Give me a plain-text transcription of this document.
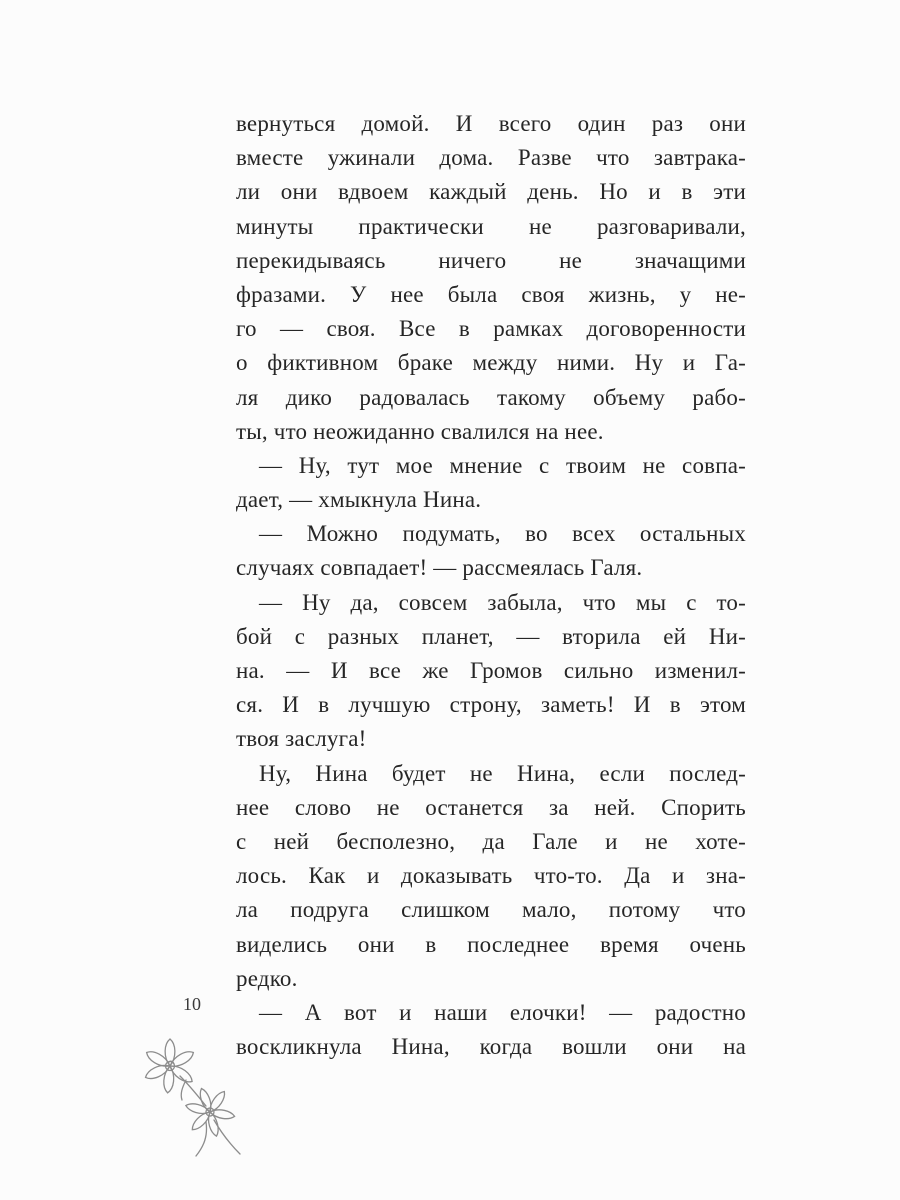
вернуться домой. И всего один раз они
вместе ужинали дома. Разве что завтрака-
ли они вдвоем каждый день. Но и в эти
минуты практически не разговаривали,
перекидываясь ничего не значащими
фразами. У нее была своя жизнь, у не-
го — своя. Все в рамках договоренности
о фиктивном браке между ними. Ну и Га-
ля дико радовалась такому объему рабо-
ты, что неожиданно свалился на нее.
— Ну, тут мое мнение с твоим не совпа-
дает, — хмыкнула Нина.
— Можно подумать, во всех остальных
случаях совпадает! — рассмеялась Галя.
— Ну да, совсем забыла, что мы с то-
бой с разных планет, — вторила ей Ни-
на. — И все же Громов сильно изменил-
ся. И в лучшую строну, заметь! И в этом
твоя заслуга!
Ну, Нина будет не Нина, если послед-
нее слово не останется за ней. Спорить
с ней бесполезно, да Гале и не хоте-
лось. Как и доказывать что-то. Да и зна-
ла подруга слишком мало, потому что
виделись они в последнее время очень
редко.
— А вот и наши елочки! — радостно
воскликнула Нина, когда вошли они на
10
